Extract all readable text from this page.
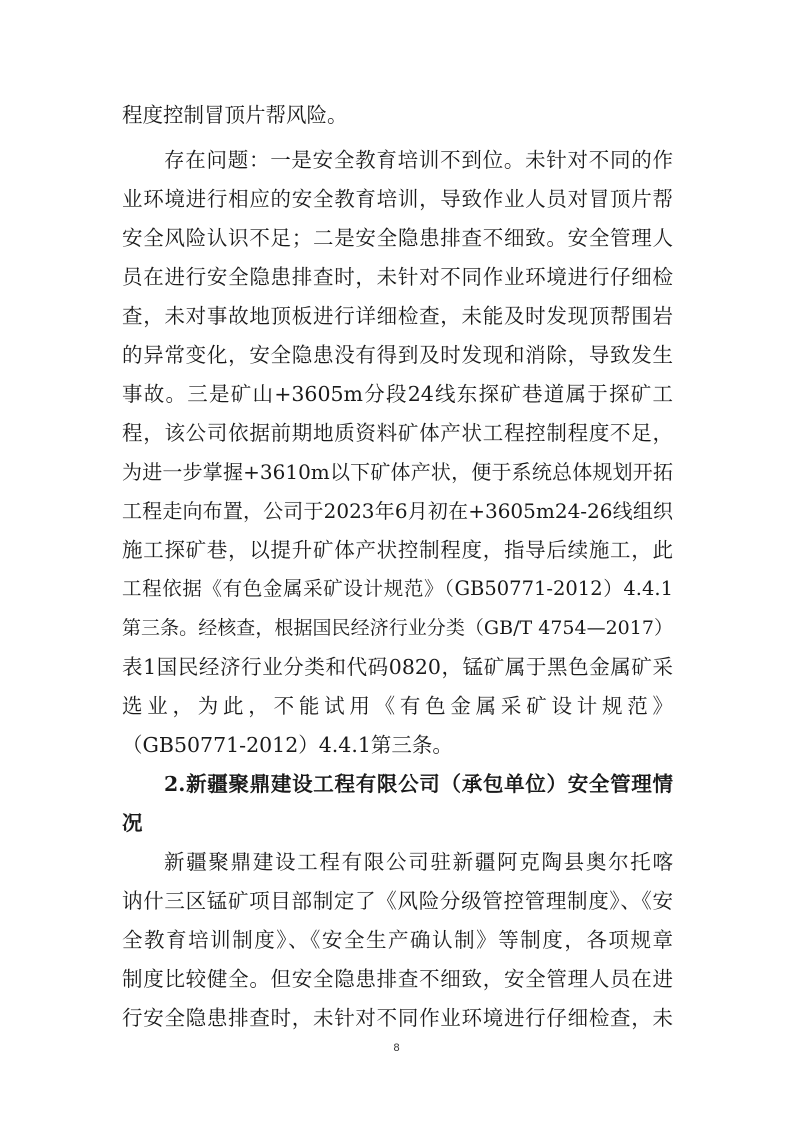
程度控制冒顶片帮风险。
存在问题：一是安全教育培训不到位。未针对不同的作
业环境进行相应的安全教育培训，导致作业人员对冒顶片帮
安全风险认识不足；二是安全隐患排查不细致。安全管理人
员在进行安全隐患排查时，未针对不同作业环境进行仔细检
查，未对事故地顶板进行详细检查，未能及时发现顶帮围岩
的异常变化，安全隐患没有得到及时发现和消除，导致发生
事故。三是矿山+3605m分段24线东探矿巷道属于探矿工
程，该公司依据前期地质资料矿体产状工程控制程度不足，
为进一步掌握+3610m以下矿体产状，便于系统总体规划开拓
工程走向布置，公司于2023年6月初在+3605m24-26线组织
施工探矿巷，以提升矿体产状控制程度，指导后续施工，此
工程依据《有色金属采矿设计规范》（GB50771-2012）4.4.1
第三条。经核查，根据国民经济行业分类（GB/T 4754—2017）
表1国民经济行业分类和代码0820，锰矿属于黑色金属矿采
选业，为此，不能试用《有色金属采矿设计规范》
（GB50771-2012）4.4.1第三条。
2.新疆聚鼎建设工程有限公司（承包单位）安全管理情
况
新疆聚鼎建设工程有限公司驻新疆阿克陶县奥尔托喀
讷什三区锰矿项目部制定了《风险分级管控管理制度》、《安
全教育培训制度》、《安全生产确认制》等制度，各项规章
制度比较健全。但安全隐患排查不细致，安全管理人员在进
行安全隐患排查时，未针对不同作业环境进行仔细检查，未
8
